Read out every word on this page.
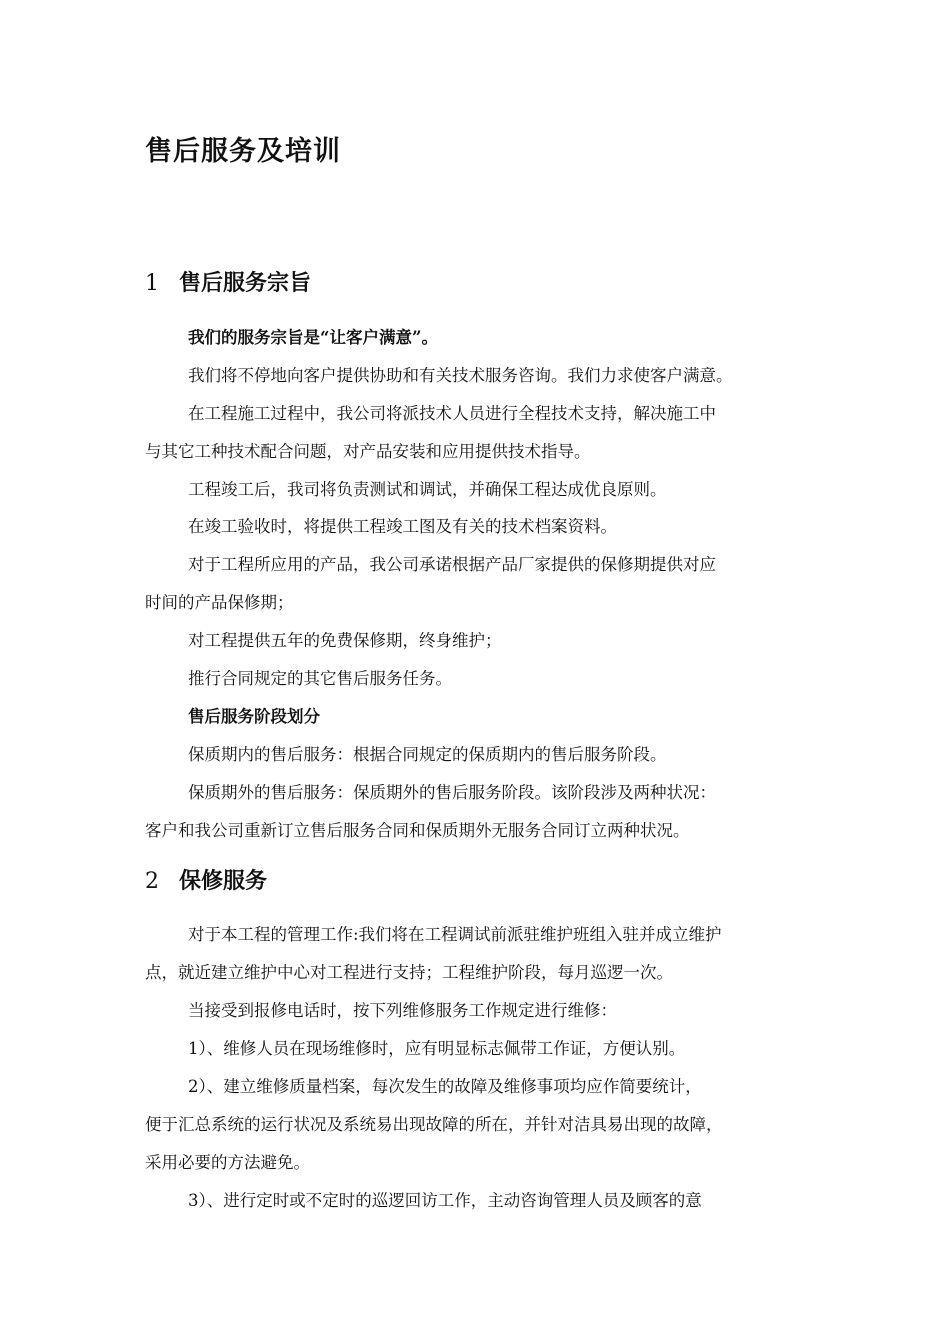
售后服务及培训
1 售后服务宗旨

我们的服务宗旨是“让客户满意”。

我们将不停地向客户提供协助和有关技术服务咨询。我们力求使客户满意。

在工程施工过程中，我公司将派技术人员进行全程技术支持，解决施工中

与其它工种技术配合问题，对产品安装和应用提供技术指导。

工程竣工后，我司将负责测试和调试，并确保工程达成优良原则。

在竣工验收时，将提供工程竣工图及有关的技术档案资料。

对于工程所应用的产品，我公司承诺根据产品厂家提供的保修期提供对应

时间的产品保修期；

对工程提供五年的免费保修期，终身维护；

推行合同规定的其它售后服务任务。

售后服务阶段划分

保质期内的售后服务：根据合同规定的保质期内的售后服务阶段。

保质期外的售后服务：保质期外的售后服务阶段。该阶段涉及两种状况：

客户和我公司重新订立售后服务合同和保质期外无服务合同订立两种状况。

2 保修服务

对于本工程的管理工作:我们将在工程调试前派驻维护班组入驻并成立维护

点，就近建立维护中心对工程进行支持；工程维护阶段，每月巡逻一次。

当接受到报修电话时，按下列维修服务工作规定进行维修：

1）、维修人员在现场维修时，应有明显标志佩带工作证，方便认别。

2）、建立维修质量档案，每次发生的故障及维修事项均应作简要统计，

便于汇总系统的运行状况及系统易出现故障的所在，并针对洁具易出现的故障，

采用必要的方法避免。

3）、进行定时或不定时的巡逻回访工作，主动咨询管理人员及顾客的意
